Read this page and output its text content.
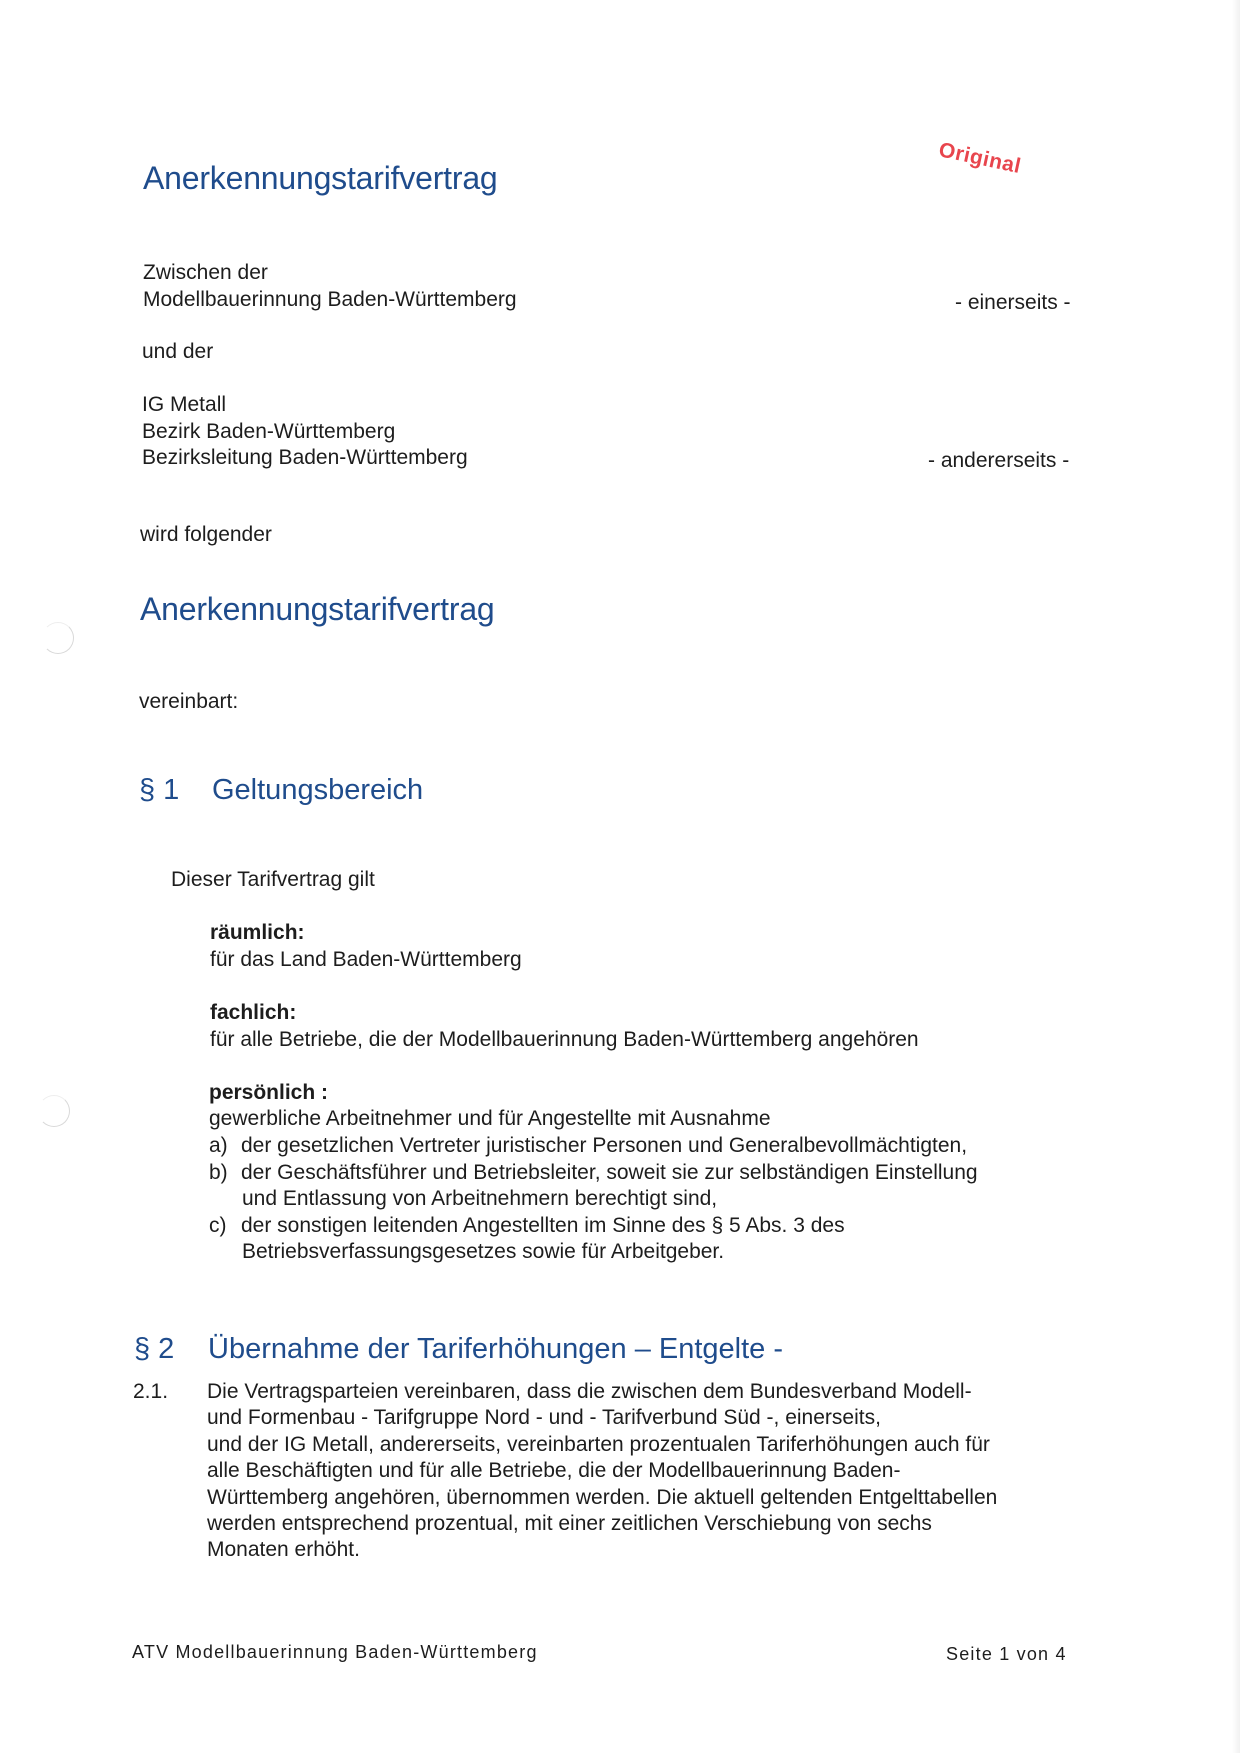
Original
Anerkennungstarifvertrag
Zwischen der
Modellbauerinnung Baden-Württemberg	- einerseits -
und der
IG Metall
Bezirk Baden-Württemberg
Bezirksleitung Baden-Württemberg	- andererseits -
wird folgender
Anerkennungstarifvertrag
vereinbart:
§ 1 Geltungsbereich
Dieser Tarifvertrag gilt
räumlich:
für das Land Baden-Württemberg
fachlich:
für alle Betriebe, die der Modellbauerinnung Baden-Württemberg angehören
persönlich :
gewerbliche Arbeitnehmer und für Angestellte mit Ausnahme
a) der gesetzlichen Vertreter juristischer Personen und Generalbevollmächtigten,
b) der Geschäftsführer und Betriebsleiter, soweit sie zur selbständigen Einstellung
und Entlassung von Arbeitnehmern berechtigt sind,
c) der sonstigen leitenden Angestellten im Sinne des § 5 Abs. 3 des
Betriebsverfassungsgesetzes sowie für Arbeitgeber.
§ 2 Übernahme der Tariferhöhungen – Entgelte -
2.1. Die Vertragsparteien vereinbaren, dass die zwischen dem Bundesverband Modell-
und Formenbau - Tarifgruppe Nord - und - Tarifverbund Süd -, einerseits,
und der IG Metall, andererseits, vereinbarten prozentualen Tariferhöhungen auch für
alle Beschäftigten und für alle Betriebe, die der Modellbauerinnung Baden-
Württemberg angehören, übernommen werden. Die aktuell geltenden Entgelttabellen
werden entsprechend prozentual, mit einer zeitlichen Verschiebung von sechs
Monaten erhöht.
ATV Modellbauerinnung Baden-Württemberg	Seite 1 von 4
